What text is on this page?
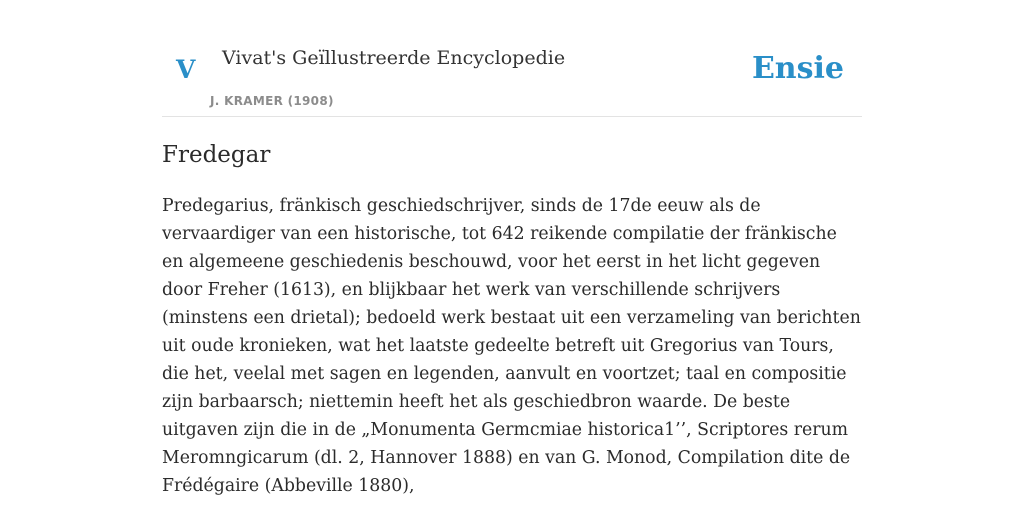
V Vivat's Geïllustreerde Encyclopedie
J. KRAMER (1908)
Ensie
Fredegar

Predegarius, fränkisch geschiedschrijver, sinds de 17de eeuw als de vervaardiger van een historische, tot 642 reikende compilatie der fränkische en algemeene geschiedenis beschouwd, voor het eerst in het licht gegeven door Freher (1613), en blijkbaar het werk van verschillende schrijvers (minstens een drietal); bedoeld werk bestaat uit een verzameling van berichten uit oude kronieken, wat het laatste gedeelte betreft uit Gregorius van Tours, die het, veelal met sagen en legenden, aanvult en voortzet; taal en compositie zijn barbaarsch; niettemin heeft het als geschiedbron waarde. De beste uitgaven zijn die in de „Monumenta Germcmiae historica1’’, Scriptores rerum Meromngicarum (dl. 2, Hannover 1888) en van G. Monod, Compilation dite de Frédégaire (Abbeville 1880),
